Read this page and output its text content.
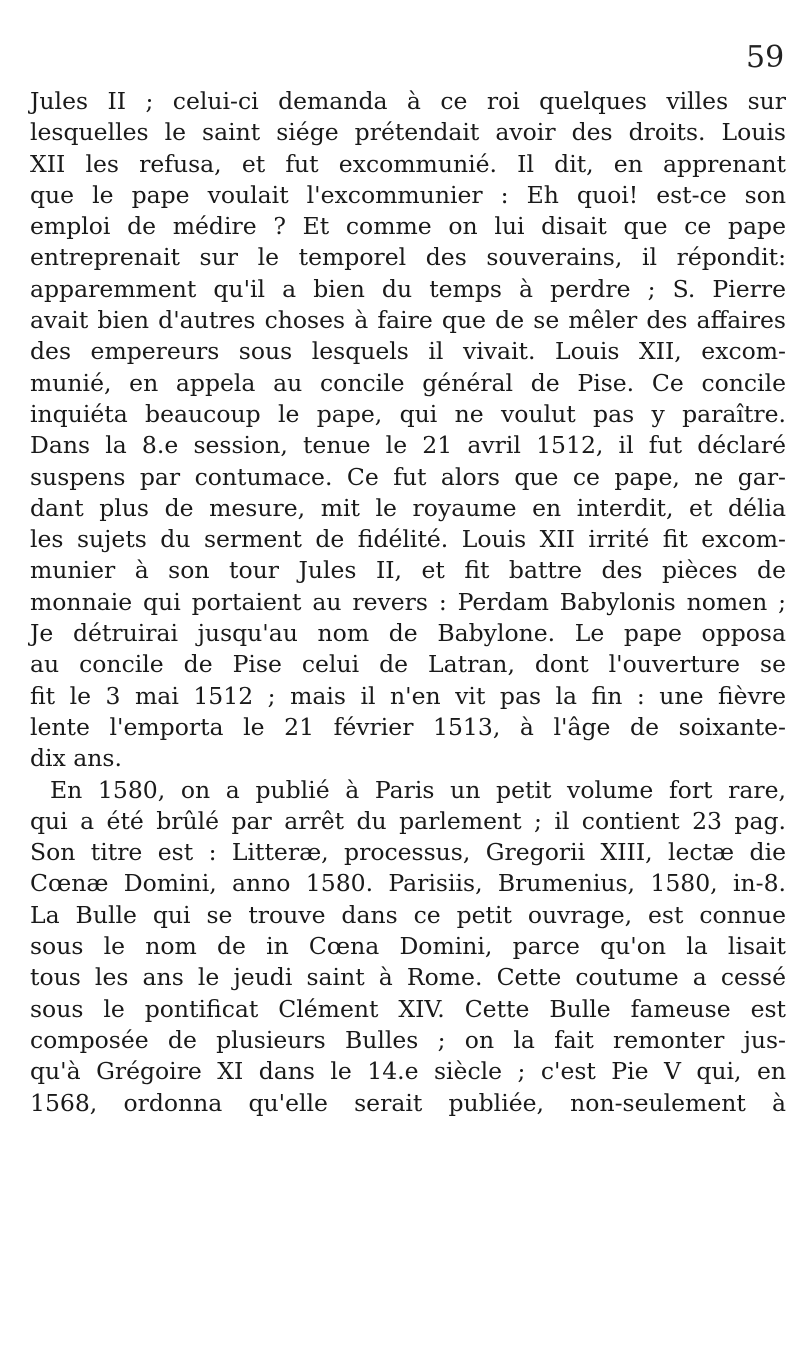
59
Jules II ; celui-ci demanda à ce roi quelques villes sur
lesquelles le saint siége prétendait avoir des droits. Louis
XII les refusa, et fut excommunié. Il dit, en apprenant
que le pape voulait l'excommunier : Eh quoi! est-ce son
emploi de médire ? Et comme on lui disait que ce pape
entreprenait sur le temporel des souverains, il répondit:
apparemment qu'il a bien du temps à perdre ; S. Pierre
avait bien d'autres choses à faire que de se mêler des affaires
des empereurs sous lesquels il vivait. Louis XII, excom-
munié, en appela au concile général de Pise. Ce concile
inquiéta beaucoup le pape, qui ne voulut pas y paraître.
Dans la 8.e session, tenue le 21 avril 1512, il fut déclaré
suspens par contumace. Ce fut alors que ce pape, ne gar-
dant plus de mesure, mit le royaume en interdit, et délia
les sujets du serment de fidélité. Louis XII irrité fit excom-
munier à son tour Jules II, et fit battre des pièces de
monnaie qui portaient au revers : Perdam Babylonis nomen ;
Je détruirai jusqu'au nom de Babylone. Le pape opposa
au concile de Pise celui de Latran, dont l'ouverture se
fit le 3 mai 1512 ; mais il n'en vit pas la fin : une fièvre
lente l'emporta le 21 février 1513, à l'âge de soixante-
dix ans.
En 1580, on a publié à Paris un petit volume fort rare,
qui a été brûlé par arrêt du parlement ; il contient 23 pag.
Son titre est : Litteræ, processus, Gregorii XIII, lectæ die
Cœnæ Domini, anno 1580. Parisiis, Brumenius, 1580, in-8.
La Bulle qui se trouve dans ce petit ouvrage, est connue
sous le nom de in Cœna Domini, parce qu'on la lisait
tous les ans le jeudi saint à Rome. Cette coutume a cessé
sous le pontificat Clément XIV. Cette Bulle fameuse est
composée de plusieurs Bulles ; on la fait remonter jus-
qu'à Grégoire XI dans le 14.e siècle ; c'est Pie V qui, en
1568, ordonna qu'elle serait publiée, non-seulement à
